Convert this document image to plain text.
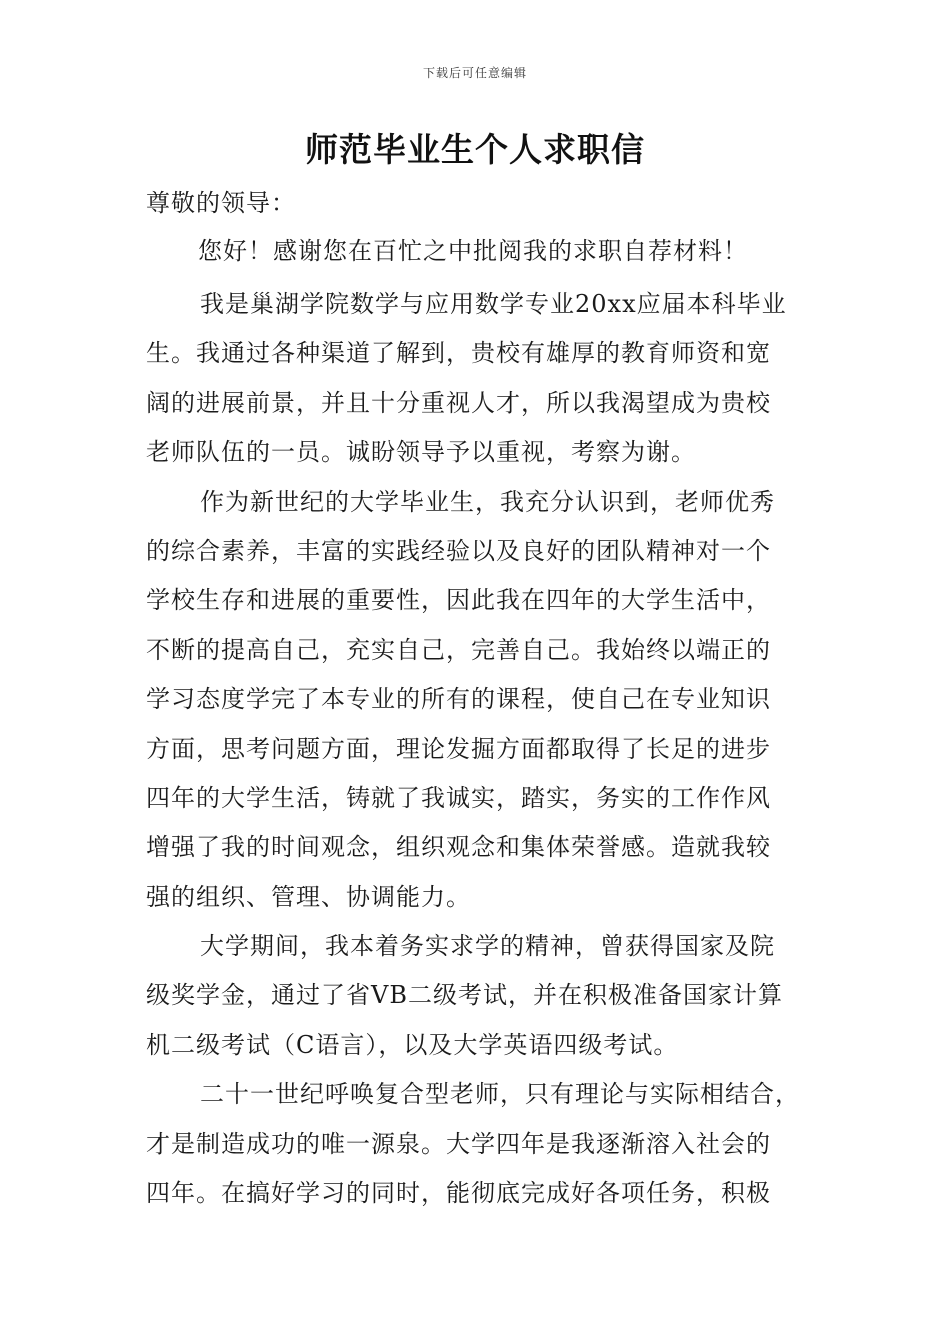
下载后可任意编辑
师范毕业生个人求职信
尊敬的领导：
您好！感谢您在百忙之中批阅我的求职自荐材料！
我是巢湖学院数学与应用数学专业20xx应届本科毕业
生。我通过各种渠道了解到，贵校有雄厚的教育师资和宽
阔的进展前景，并且十分重视人才，所以我渴望成为贵校
老师队伍的一员。诚盼领导予以重视，考察为谢。
作为新世纪的大学毕业生，我充分认识到，老师优秀
的综合素养，丰富的实践经验以及良好的团队精神对一个
学校生存和进展的重要性，因此我在四年的大学生活中，
不断的提高自己，充实自己，完善自己。我始终以端正的
学习态度学完了本专业的所有的课程，使自己在专业知识
方面，思考问题方面，理论发掘方面都取得了长足的进步
四年的大学生活，铸就了我诚实，踏实，务实的工作作风
增强了我的时间观念，组织观念和集体荣誉感。造就我较
强的组织、管理、协调能力。
大学期间，我本着务实求学的精神，曾获得国家及院
级奖学金，通过了省VB二级考试，并在积极准备国家计算
机二级考试（C语言），以及大学英语四级考试。
二十一世纪呼唤复合型老师，只有理论与实际相结合，
才是制造成功的唯一源泉。大学四年是我逐渐溶入社会的
四年。在搞好学习的同时，能彻底完成好各项任务，积极
